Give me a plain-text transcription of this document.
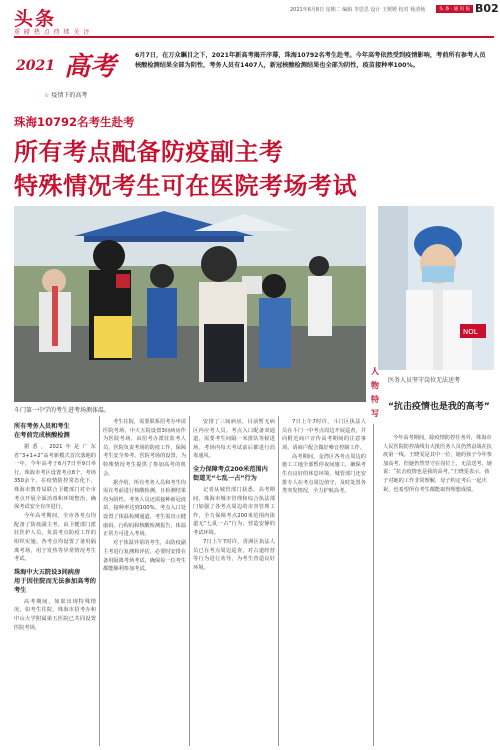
头条
重 磅 热 点 持 续 关 注
2021年6月8日 星期二 编辑 李思思 设计 王媛媛 校对 杨清杨	头 条 · 通 讯 报 B02
2021 高考
☆ 疫情下的高考
6月7日，在万众瞩目之下，2021年新高考揭开序幕，珠海10792名考生赴考。今年高考依然受到疫情影响，考前所有参考人员核酸检测结果全部为阴性，考务人员有1407人，新冠核酸检测结果也全部为阴性，疫苗接种率100%。
珠海10792名考生赴考
所有考点配备防疫副主考
特殊情况考生可在医院考场考试
斗门第一中学的考生进考场测体温。
NOL
人物特写
医务人员坚守岗位无法送考
“抗击疫情也是我的高考”
今年高考期间，除疫情防控任务外，珠海市人民医院防控战线有大批医务人员仍然奋战在抗疫第一线。王晓雯是其中一位，她的孩子今年参加高考，但她仍然坚守在岗位上，无法送考。她说：“抗击疫情也是我的高考。”王晓雯表示，孩子对她的工作非常理解，母子约定考后一起庆祝，也希望所有考生都能取得理想成绩。

所有考务人员和考生

在考前完成核酸检测

据悉，2021年是广东省“3+1+2”高考新模式首次落地的一年，今年高考于6月7日至9日举行。珠海市考区设置考点8个，考场350余个。在疫情防控常态化下，珠海市教育局联合卫健部门对全市考点开展全面消毒和环境整治，确保考试安全有序进行。

今年高考期间，全市各考点均配备了防疫副主考，由卫健部门派驻医护人员，负责考点防疫工作的组织实施。各考点均设置了备用隔离考场，用于发热等异常情况考生考试。

珠海中大五院设3间病房

用于因住院而无法参加高考的考生

高考期间，如果出现特殊情况，如考生住院，珠海市招考办和中山大学附属第五医院已共同设置医院考场。

考生住院，需要联系招考办申请医院考场。中大五院设置3间病房作为医院考场，由招考办派驻监考人员，医院负责考场的防疫工作，保障考生安全参考。医院考场的设置，为特殊情况考生提供了参加高考的机会。

据介绍，所有考务人员和考生均需在考前进行核酸检测，且检测结果均为阴性。考务人员还需接种新冠疫苗，接种率达到100%。考点入口处设置了体温检测通道，考生需出示健康码、行程码和核酸检测报告，体温正常方可进入考场。

对于体温异常的考生，由防疫副主考进行复测和评估，必要时安排在备用隔离考场考试，确保每一位考生都能顺利参加考试。

安排了三间病房，目前暂无病区内应考人员。考点入口配备双通道，需要考生间隔一米排队等候进场。考场内每天考试前后都进行消毒通风。

全力保障考点200米范围内

街道无“七乱一占”行为

记者从城管部门获悉，高考期间，珠海市城市管理和综合执法部门加强了各考点周边的市容管理工作，全力保障考点200米范围内街道无“七乱一占”行为，营造安静的考试环境。

7日上午7时许，香洲区执法人员已在考点周边巡查，对占道经营等行为进行劝导，为考生营造良好环境。

7日上午7时许，斗门区执法人员在斗门一中考点周边开展巡查，并向附近商户宣传高考期间的注意事项，请商户配合做好噪音控制工作。

高考期间，金湾区各考点周边的施工工地全部暂停夜间施工，确保考生有良好的休息环境。城管部门还安排专人在考点周边值守，及时处置各类突发情况，全力护航高考。
